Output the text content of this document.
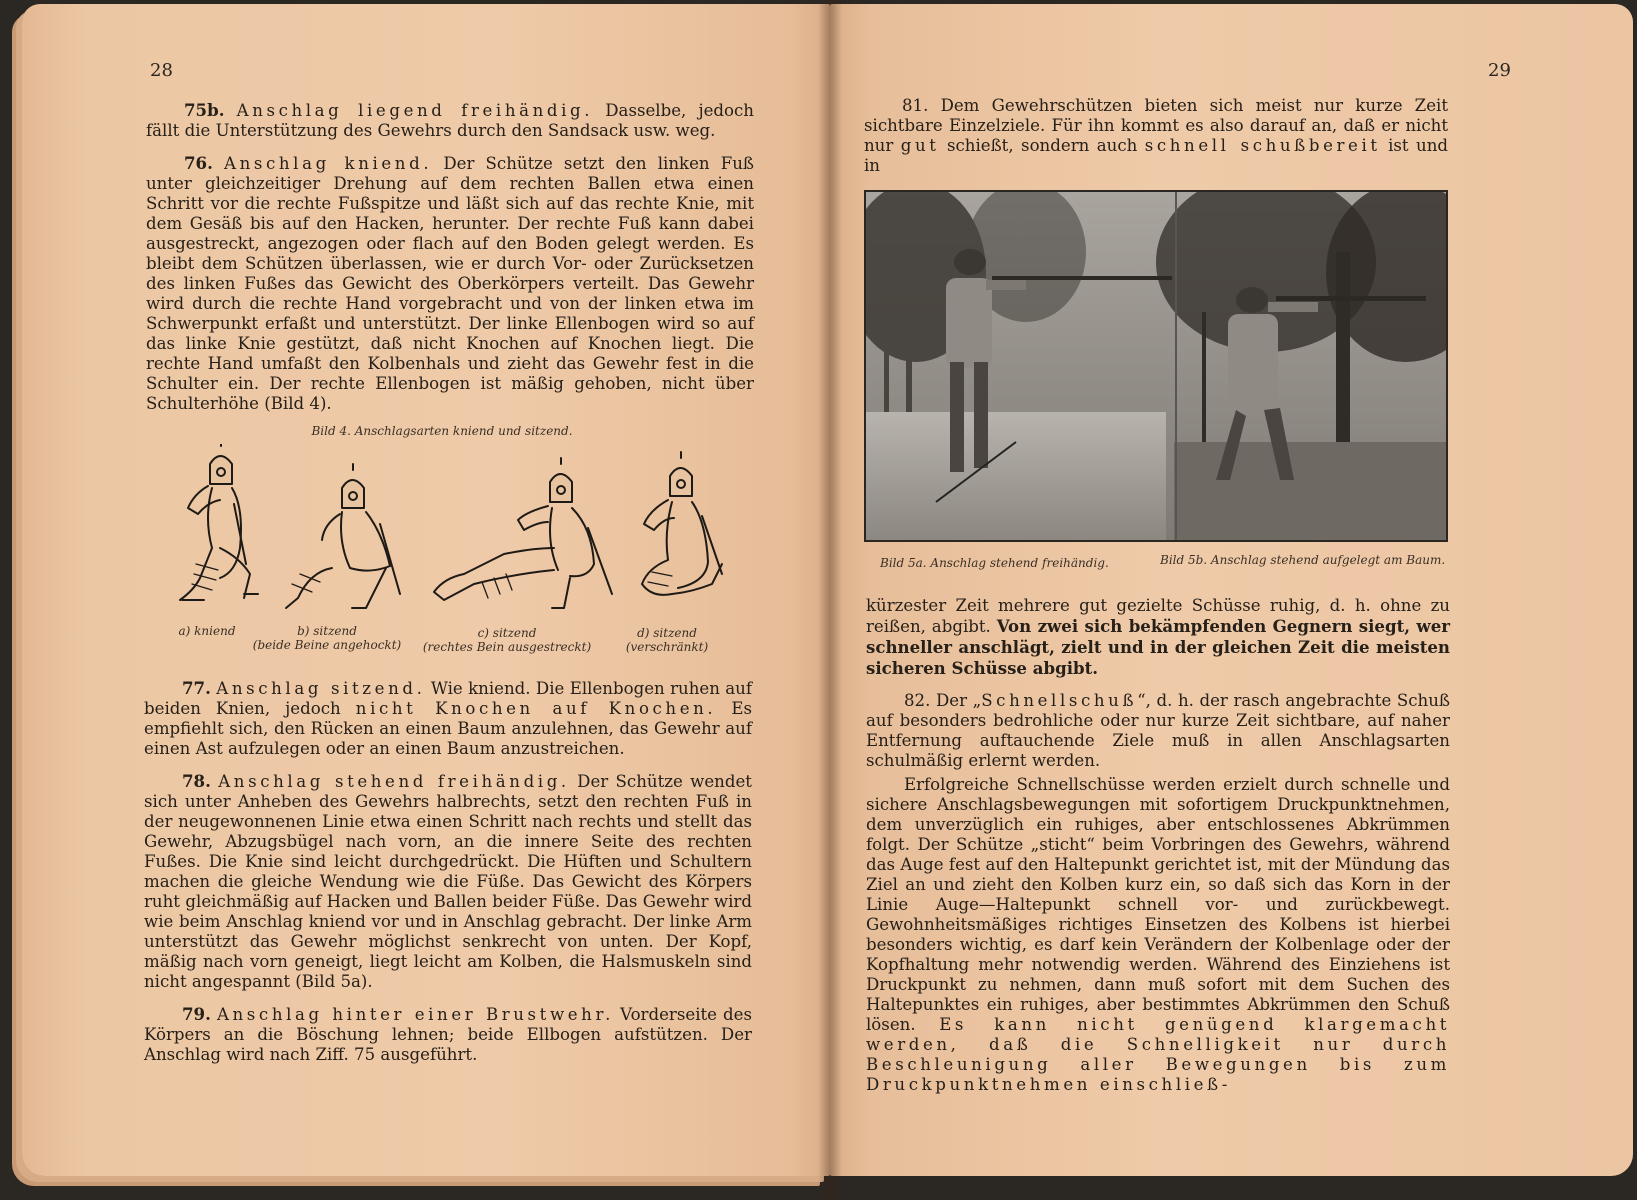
28

75b. Anschlag liegend freihändig. Dasselbe, jedoch fällt die Unterstützung des Gewehrs durch den Sandsack usw. weg.

76. Anschlag kniend. Der Schütze setzt den linken Fuß unter gleichzeitiger Drehung auf dem rechten Ballen etwa einen Schritt vor die rechte Fußspitze und läßt sich auf das rechte Knie, mit dem Gesäß bis auf den Hacken, herunter. Der rechte Fuß kann dabei ausgestreckt, angezogen oder flach auf den Boden gelegt werden. Es bleibt dem Schützen überlassen, wie er durch Vor- oder Zurücksetzen des linken Fußes das Gewicht des Oberkörpers verteilt. Das Gewehr wird durch die rechte Hand vorgebracht und von der linken etwa im Schwerpunkt erfaßt und unterstützt. Der linke Ellenbogen wird so auf das linke Knie gestützt, daß nicht Knochen auf Knochen liegt. Die rechte Hand umfaßt den Kolbenhals und zieht das Gewehr fest in die Schulter ein. Der rechte Ellenbogen ist mäßig gehoben, nicht über Schulterhöhe (Bild 4).

Bild 4. Anschlagsarten kniend und sitzend.
a) kniend	b) sitzend
(beide Beine angehockt)
c) sitzend
(rechtes Bein ausgestreckt)
d) sitzend
(verschränkt)

77. Anschlag sitzend. Wie kniend. Die Ellenbogen ruhen auf beiden Knien, jedoch nicht Knochen auf Knochen. Es empfiehlt sich, den Rücken an einen Baum anzulehnen, das Gewehr auf einen Ast aufzulegen oder an einen Baum anzustreichen.

78. Anschlag stehend freihändig. Der Schütze wendet sich unter Anheben des Gewehrs halbrechts, setzt den rechten Fuß in der neugewonnenen Linie etwa einen Schritt nach rechts und stellt das Gewehr, Abzugsbügel nach vorn, an die innere Seite des rechten Fußes. Die Knie sind leicht durchgedrückt. Die Hüften und Schultern machen die gleiche Wendung wie die Füße. Das Gewicht des Körpers ruht gleichmäßig auf Hacken und Ballen beider Füße. Das Gewehr wird wie beim Anschlag kniend vor und in Anschlag gebracht. Der linke Arm unterstützt das Gewehr möglichst senkrecht von unten. Der Kopf, mäßig nach vorn geneigt, liegt leicht am Kolben, die Halsmuskeln sind nicht angespannt (Bild 5a).

79. Anschlag hinter einer Brustwehr. Vorderseite des Körpers an die Böschung lehnen; beide Ellbogen aufstützen. Der Anschlag wird nach Ziff. 75 ausgeführt.

29

81. Dem Gewehrschützen bieten sich meist nur kurze Zeit sichtbare Einzelziele. Für ihn kommt es also darauf an, daß er nicht nur gut schießt, sondern auch schnell schußbereit ist und in

Bild 5a. Anschlag stehend freihändig.	Bild 5b. Anschlag stehend aufgelegt am Baum.

kürzester Zeit mehrere gut gezielte Schüsse ruhig, d. h. ohne zu reißen, abgibt. Von zwei sich bekämpfenden Gegnern siegt, wer schneller anschlägt, zielt und in der gleichen Zeit die meisten sicheren Schüsse abgibt.

82. Der „Schnellschuß“, d. h. der rasch angebrachte Schuß auf besonders bedrohliche oder nur kurze Zeit sichtbare, auf naher Entfernung auftauchende Ziele muß in allen Anschlagsarten schulmäßig erlernt werden.

Erfolgreiche Schnellschüsse werden erzielt durch schnelle und sichere Anschlagsbewegungen mit sofortigem Druckpunktnehmen, dem unverzüglich ein ruhiges, aber entschlossenes Abkrümmen folgt. Der Schütze „sticht“ beim Vorbringen des Gewehrs, während das Auge fest auf den Haltepunkt gerichtet ist, mit der Mündung das Ziel an und zieht den Kolben kurz ein, so daß sich das Korn in der Linie Auge—Haltepunkt schnell vor- und zurückbewegt. Gewohnheitsmäßiges richtiges Einsetzen des Kolbens ist hierbei besonders wichtig, es darf kein Verändern der Kolbenlage oder der Kopfhaltung mehr notwendig werden. Während des Einziehens ist Druckpunkt zu nehmen, dann muß sofort mit dem Suchen des Haltepunktes ein ruhiges, aber bestimmtes Abkrümmen den Schuß lösen. Es kann nicht genügend klargemacht werden, daß die Schnelligkeit nur durch Beschleunigung aller Bewegungen bis zum Druckpunktnehmen einschließ-
